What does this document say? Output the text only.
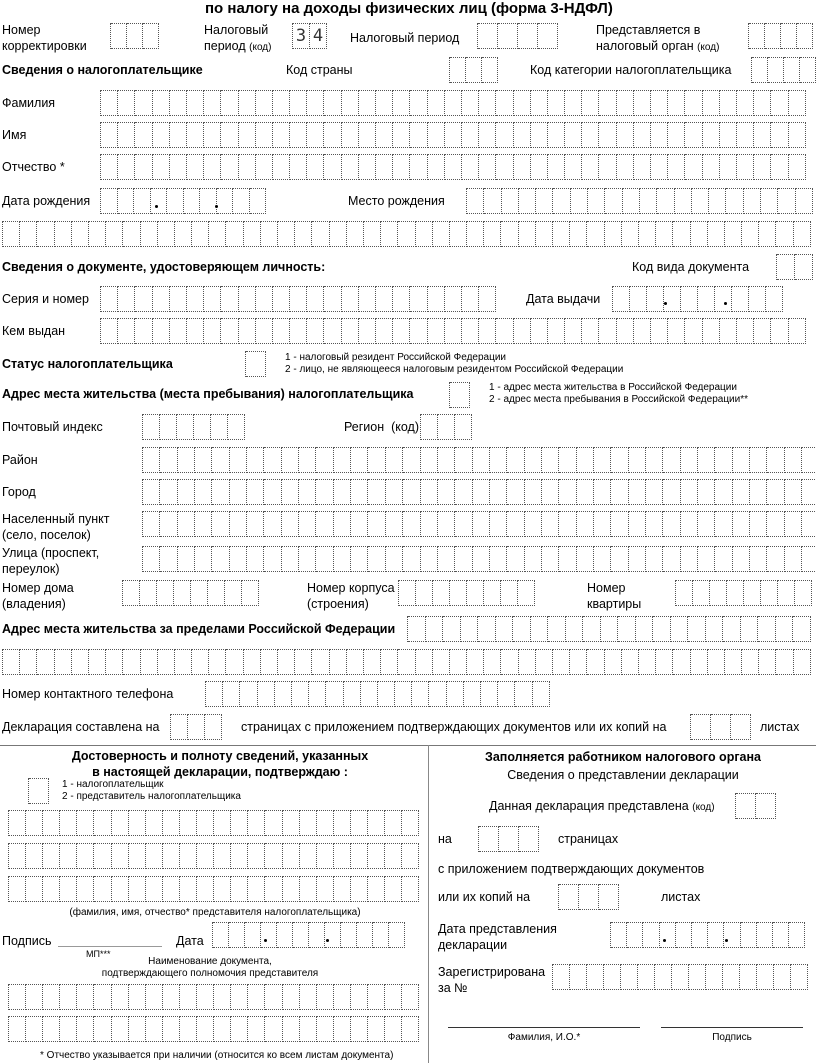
по налогу на доходы физических лиц (форма 3-НДФЛ)
Номер
корректировки
Налоговый
период (код)
3 4	Налоговый период
Представляется в
налоговый орган (код)
Сведения о налогоплательщике	Код страны	Код категории налогоплательщика
Фамилия
Имя
Отчество *
Дата рождения	Место рождения
Сведения о документе, удостоверяющем личность:	Код вида документа
Серия и номер	Дата выдачи
Кем выдан
Статус налогоплательщика	1 - налоговый резидент Российской Федерации
2 - лицо, не являющееся налоговым резидентом Российской Федерации
Адрес места жительства (места пребывания) налогоплательщика	1 - адрес места жительства в Российской Федерации
2 - адрес места пребывания в Российской Федерации**
Почтовый индекс	Регион (код)
Район
Город
Населенный пункт
(село, поселок)
Улица (проспект,
переулок)
Номер дома
(владения)
Номер корпуса
(строения)
Номер
квартиры
Адрес места жительства за пределами Российской Федерации
Номер контактного телефона
Декларация составлена на	страницах с приложением подтверждающих документов или их копий на	листах
Достоверность и полноту сведений, указанных
в настоящей декларации, подтверждаю :
1 - налогоплательщик
2 - представитель налогоплательщика
(фамилия, имя, отчество* представителя налогоплательщика)
Подпись	Дата
МП***
Наименование документа,
подтверждающего полномочия представителя
* Отчество указывается при наличии (относится ко всем листам документа)
Заполняется работником налогового органа
Сведения о представлении декларации
Данная декларация представлена (код)
на	страницах
с приложением подтверждающих документов
или их копий на	листах
Дата представления
декларации
Зарегистрирована
за №
Фамилия, И.О.*	Подпись
